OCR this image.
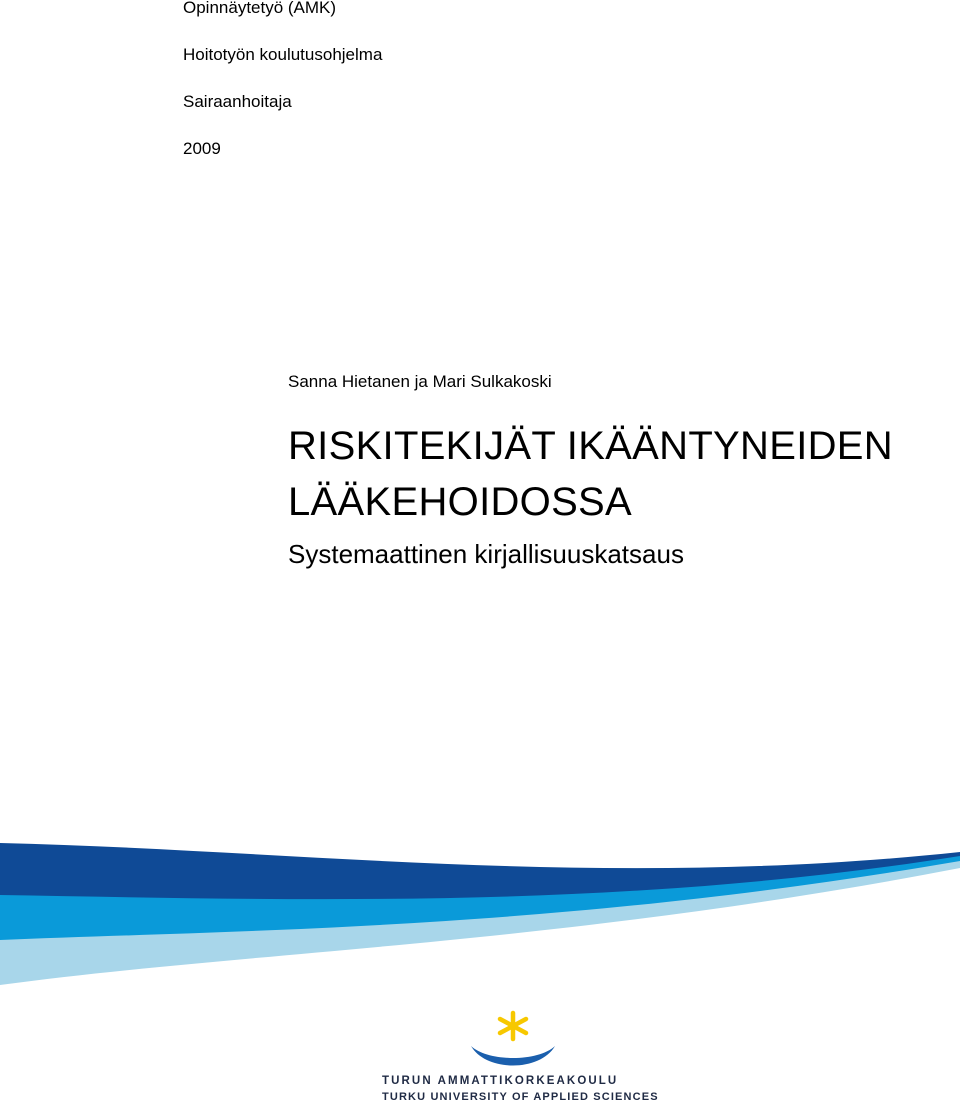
Opinnäytetyö (AMK)
Hoitotyön koulutusohjelma
Sairaanhoitaja
2009
Sanna Hietanen ja Mari Sulkakoski
RISKITEKIJÄT IKÄÄNTYNEIDEN
LÄÄKEHOIDOSSA
Systemaattinen kirjallisuuskatsaus
TURUN AMMATTIKORKEAKOULU
TURKU UNIVERSITY OF APPLIED SCIENCES
